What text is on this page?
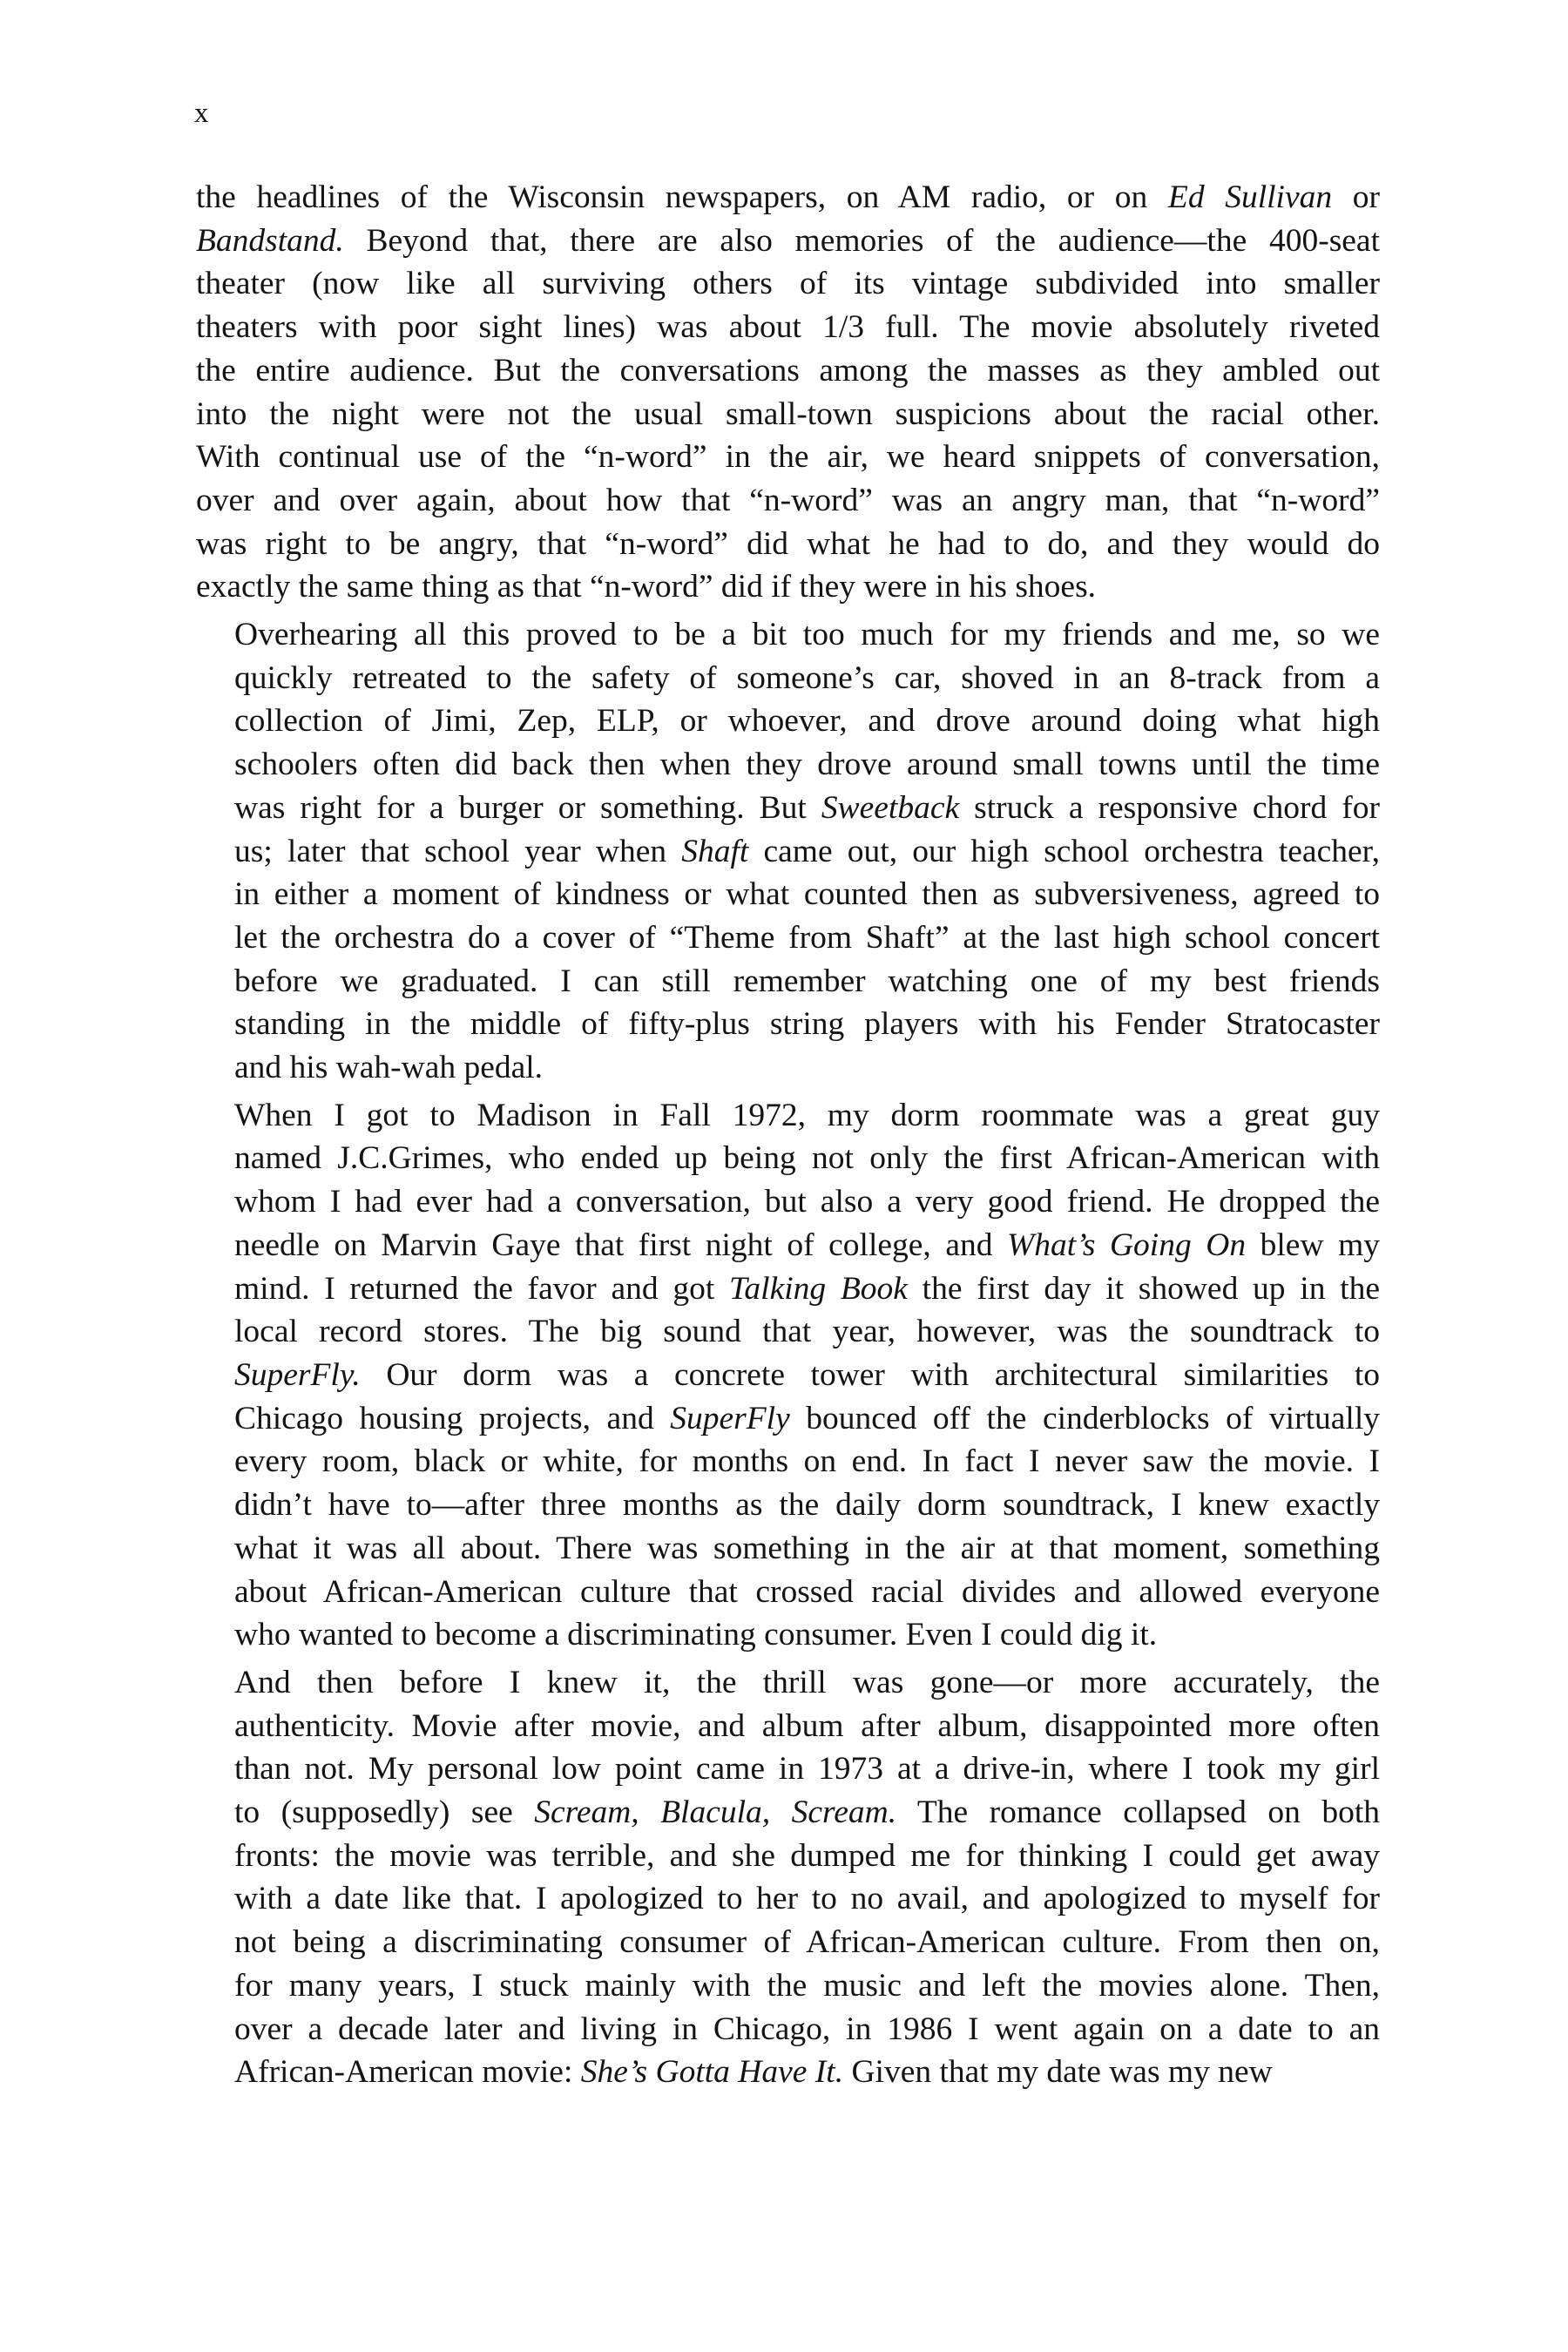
x

the headlines of the Wisconsin newspapers, on AM radio, or on Ed Sullivan or
Bandstand. Beyond that, there are also memories of the audience—the 400-seat
theater (now like all surviving others of its vintage subdivided into smaller
theaters with poor sight lines) was about 1/3 full. The movie absolutely riveted
the entire audience. But the conversations among the masses as they ambled out
into the night were not the usual small-town suspicions about the racial other.
With continual use of the “n-word” in the air, we heard snippets of conversation,
over and over again, about how that “n-word” was an angry man, that “n-word”
was right to be angry, that “n-word” did what he had to do, and they would do
exactly the same thing as that “n-word” did if they were in his shoes.

Overhearing all this proved to be a bit too much for my friends and me, so we
quickly retreated to the safety of someone’s car, shoved in an 8-track from a
collection of Jimi, Zep, ELP, or whoever, and drove around doing what high
schoolers often did back then when they drove around small towns until the time
was right for a burger or something. But Sweetback struck a responsive chord for
us; later that school year when Shaft came out, our high school orchestra teacher,
in either a moment of kindness or what counted then as subversiveness, agreed to
let the orchestra do a cover of “Theme from Shaft” at the last high school concert
before we graduated. I can still remember watching one of my best friends
standing in the middle of fifty-plus string players with his Fender Stratocaster
and his wah-wah pedal.

When I got to Madison in Fall 1972, my dorm roommate was a great guy
named J.C.Grimes, who ended up being not only the first African-American with
whom I had ever had a conversation, but also a very good friend. He dropped the
needle on Marvin Gaye that first night of college, and What’s Going On blew my
mind. I returned the favor and got Talking Book the first day it showed up in the
local record stores. The big sound that year, however, was the soundtrack to
SuperFly. Our dorm was a concrete tower with architectural similarities to
Chicago housing projects, and SuperFly bounced off the cinderblocks of virtually
every room, black or white, for months on end. In fact I never saw the movie. I
didn’t have to—after three months as the daily dorm soundtrack, I knew exactly
what it was all about. There was something in the air at that moment, something
about African-American culture that crossed racial divides and allowed everyone
who wanted to become a discriminating consumer. Even I could dig it.

And then before I knew it, the thrill was gone—or more accurately, the
authenticity. Movie after movie, and album after album, disappointed more often
than not. My personal low point came in 1973 at a drive-in, where I took my girl
to (supposedly) see Scream, Blacula, Scream. The romance collapsed on both
fronts: the movie was terrible, and she dumped me for thinking I could get away
with a date like that. I apologized to her to no avail, and apologized to myself for
not being a discriminating consumer of African-American culture. From then on,
for many years, I stuck mainly with the music and left the movies alone. Then,
over a decade later and living in Chicago, in 1986 I went again on a date to an
African-American movie: She’s Gotta Have It. Given that my date was my new
